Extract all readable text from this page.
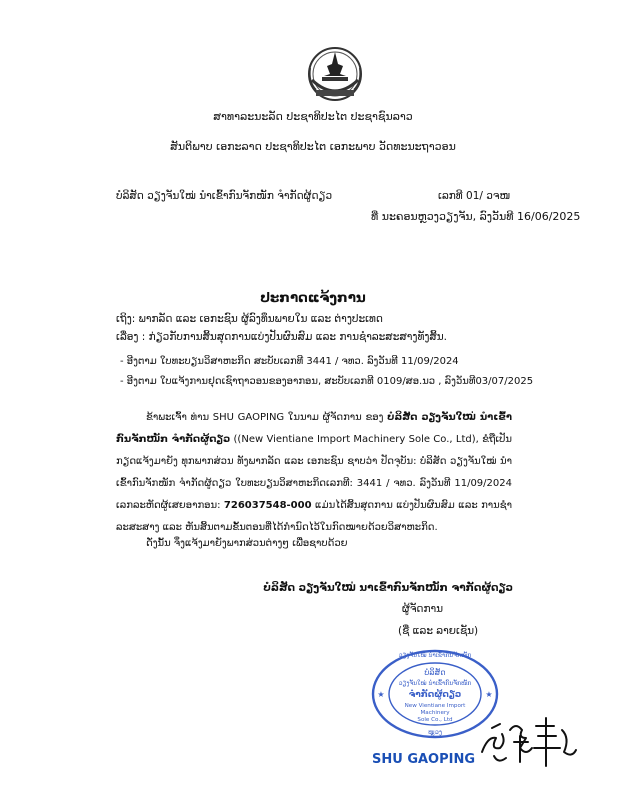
ສາທາລະນະລັດ ປະຊາທິປະໄຕ ປະຊາຊົນລາວ
ສັນຕິພາບ ເອກະລາດ ປະຊາທິປະໄຕ ເອກະພາບ ວັດທະນະຖາວອນ
ບໍລິສັດ ວຽງຈັນໃໝ່ ນໍາເຂົ້າກົນຈັກໜັກ ຈໍາກັດຜູ້ດຽວ	ເລກທີ 01/ ວຈໜ
ທີ່ ນະຄອນຫຼວງວຽງຈັນ, ລົງວັນທີ 16/06/2025
ປະກາດແຈ້ງການ
ເຖິງ: ພາກລັດ ແລະ ເອກະຊົນ ຜູ້ລົງທຶນພາຍໃນ ແລະ ຕ່າງປະເທດ
ເລື່ອງ : ກ່ຽວກັບການສິ້ນສຸດການແບ່ງປັນຜົນສົມ ແລະ ການຊໍາລະສະສາງທັງສິ້ນ.
- ອີງຕາມ ໃບທະບຽນວິສາຫະກິດ ສະບັບເລກທີ 3441 / ຈທວ. ລົງວັນທີ 11/09/2024
- ອີງຕາມ ໃບແຈ້ງການຢຸດເຊົາຖາວອນຂອງອາກອນ, ສະບັບເລກທີ 0109/ສອ.ນວ , ລົງວັນທີ03/07/2025

ຂ້າພະເຈົ້າ ທ່ານ SHU GAOPING ໃນນາມ ຜູ້ຈັດການ ຂອງ ບໍລິສັດ ວຽງຈັນໃໝ່ ນໍາເຂົ້າກົນຈັກໜັກ ຈໍາກັດຜູ້ດຽວ ((New Vientiane Import Machinery Sole Co., Ltd), ຂໍຖືເປັນກຽດແຈ້ງມາຍັງ ທຸກພາກສ່ວນ ທັງພາກລັດ ແລະ ເອກະຊົນ ຊາບວ່າ ປັດຈຸບັນ: ບໍລິສັດ ວຽງຈັນໃໝ່ ນໍາເຂົ້າກົນຈັກໜັກ ຈໍາກັດຜູ້ດຽວ ໃບທະບຽນວິສາຫະກິດເລກທີ: 3441 / ຈທວ. ລົງວັນທີ 11/09/2024 ເລກລະຫັດຜູ້ເສຍອາກອນ: 726037548-000 ແມ່ນໄດ້ສິ້ນສຸດການ ແບ່ງປັນຜົນສົມ ແລະ ການຊໍາລະສະສາງ ແລະ ຫັນສິ້ນຕາມຂັ້ນຕອນທີ່ໄດ້ກໍານົດໄວ້ໃນກົດໝາຍດ້ວຍວິສາຫະກິດ.

ດັ່ງນັ້ນ ຈຶ່ງແຈ້ງມາຍັງພາກສ່ວນຕ່າງໆ ເພື່ອຊາບດ້ວຍ
ບໍລິສັດ ວຽງຈັນໃໝ່ ນາເຂົ້າກົນຈັກໜັກ ຈາກັດຜູ້ດຽວ
ຜູ້ຈັດການ
(ຊື່ ແລະ ລາຍເຊັນ)
ວຽງຈັນໃໝ່ ນໍາເຂົ້າກົນຈັກໜັກ
ໜຼວງ
★	★
ບໍລິສັດ
ວຽງຈັນໃໝ່ ນໍາເຂົ້າກົນຈັກໜັກ
ຈໍາກັດຜູ້ດຽວ
New Vientiane Import
Machinery
Sole Co., Ltd
SHU GAOPING
